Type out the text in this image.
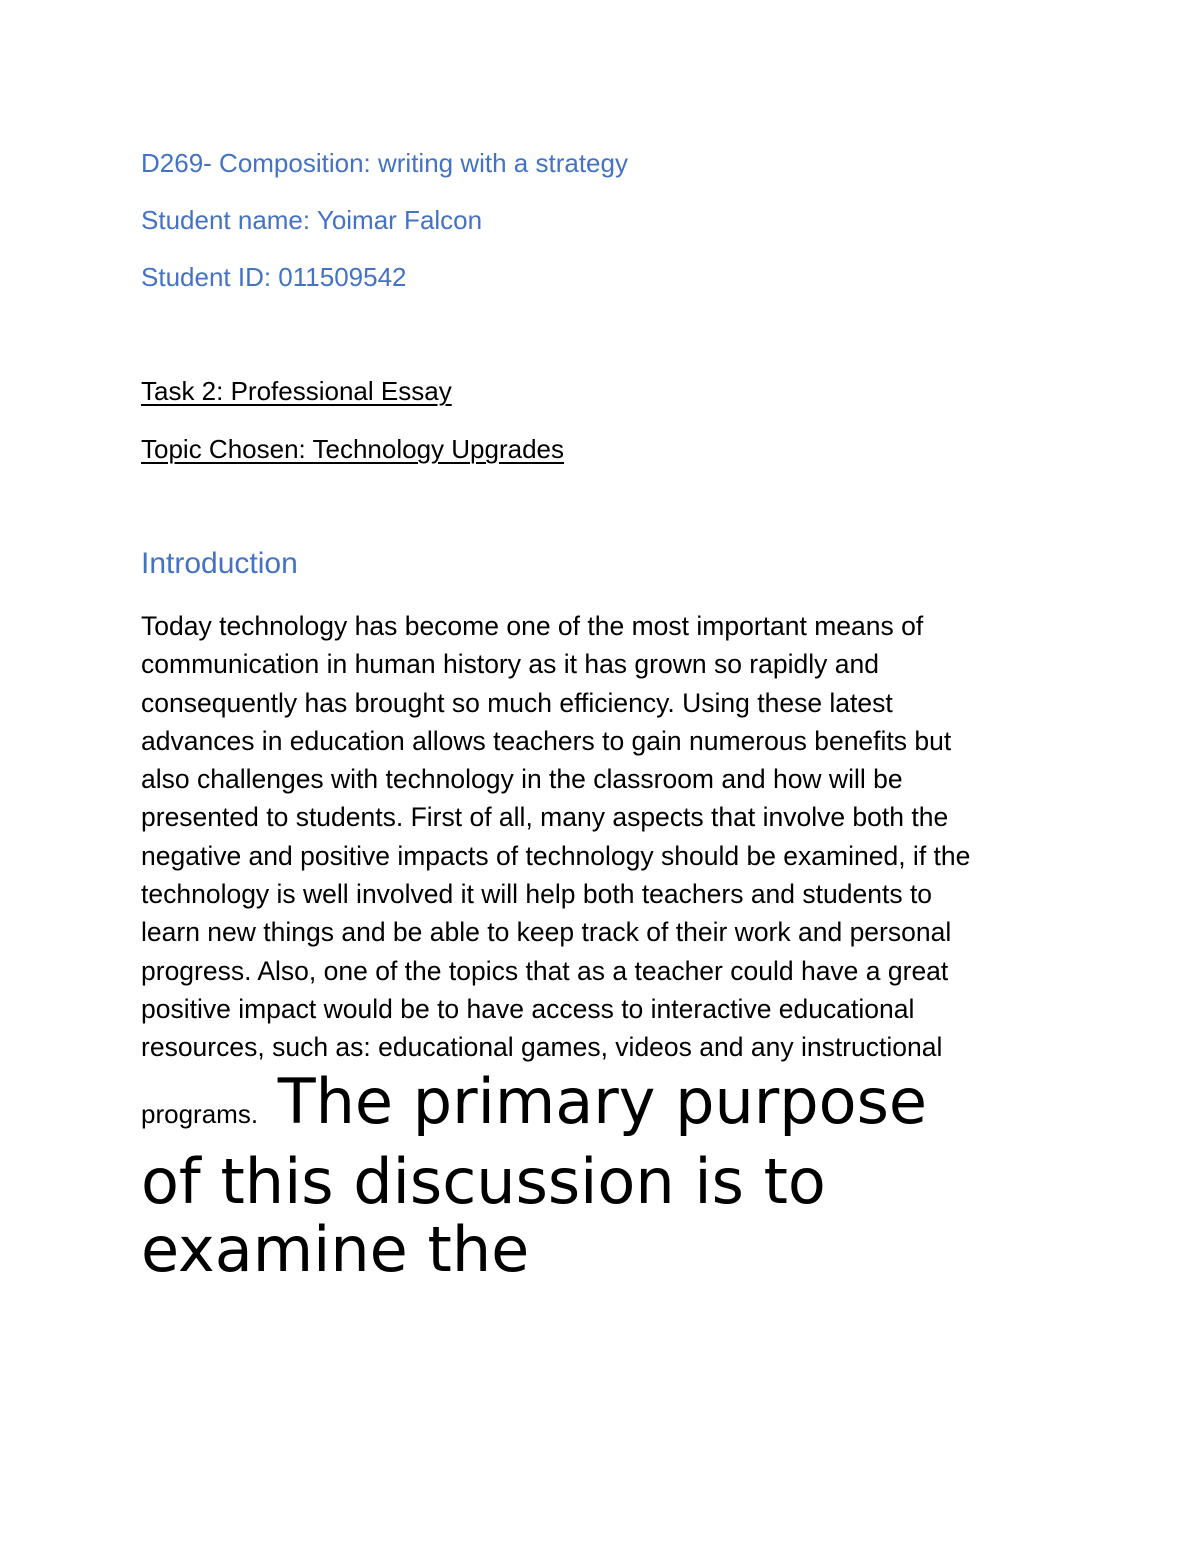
D269- Composition: writing with a strategy
Student name: Yoimar Falcon
Student ID: 011509542
Task 2: Professional Essay
Topic Chosen: Technology Upgrades
Introduction
Today technology has become one of the most important means of
communication in human history as it has grown so rapidly and
consequently has brought so much efficiency. Using these latest
advances in education allows teachers to gain numerous benefits but
also challenges with technology in the classroom and how will be
presented to students. First of all, many aspects that involve both the
negative and positive impacts of technology should be examined, if the
technology is well involved it will help both teachers and students to
learn new things and be able to keep track of their work and personal
progress. Also, one of the topics that as a teacher could have a great
positive impact would be to have access to interactive educational
resources, such as: educational games, videos and any instructional
programs. The primary purpose
of this discussion is to
examine the
